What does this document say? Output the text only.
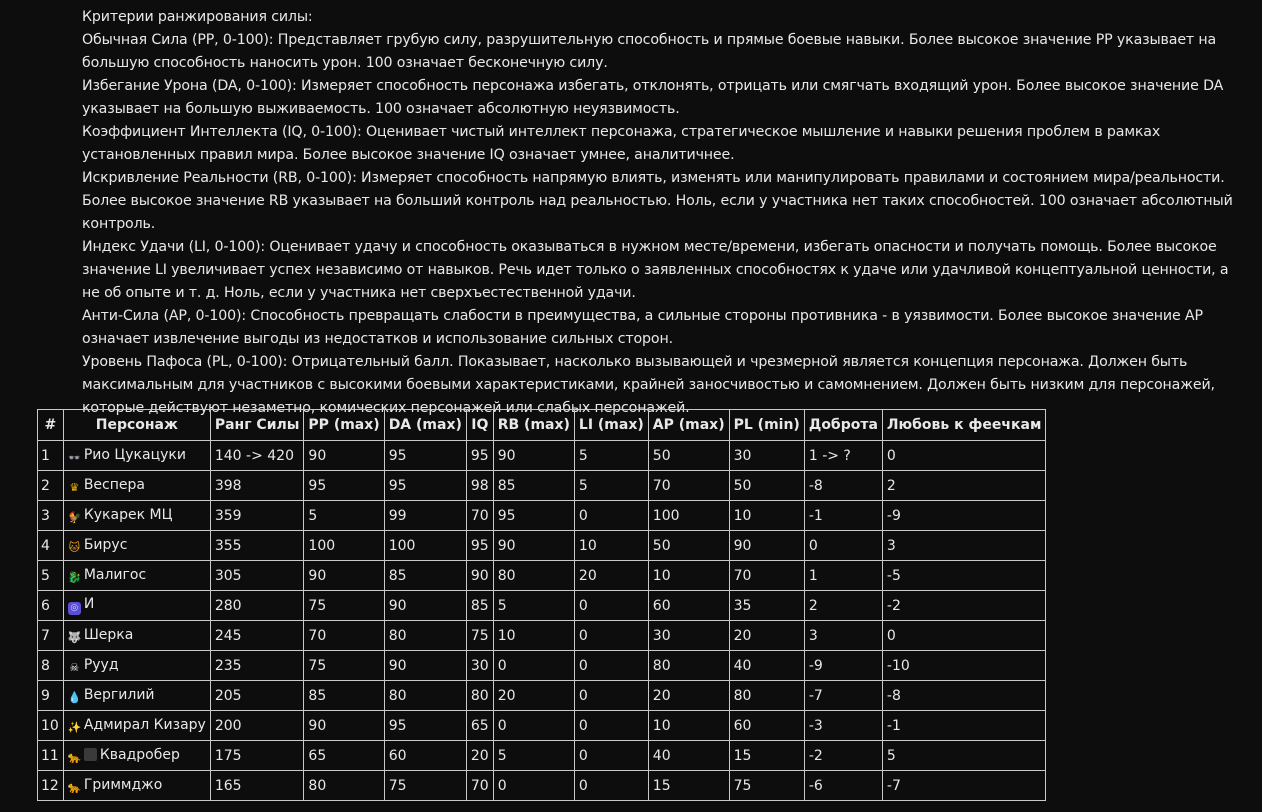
Критерии ранжирования силы:

Обычная Сила (PP, 0-100): Представляет грубую силу, разрушительную способность и прямые боевые навыки. Более высокое значение PP указывает на большую способность наносить урон. 100 означает бесконечную силу.

Избегание Урона (DA, 0-100): Измеряет способность персонажа избегать, отклонять, отрицать или смягчать входящий урон. Более высокое значение DA указывает на большую выживаемость. 100 означает абсолютную неуязвимость.

Коэффициент Интеллекта (IQ, 0-100): Оценивает чистый интеллект персонажа, стратегическое мышление и навыки решения проблем в рамках установленных правил мира. Более высокое значение IQ означает умнее, аналитичнее.

Искривление Реальности (RB, 0-100): Измеряет способность напрямую влиять, изменять или манипулировать правилами и состоянием мира/реальности. Более высокое значение RB указывает на больший контроль над реальностью. Ноль, если у участника нет таких способностей. 100 означает абсолютный контроль.

Индекс Удачи (LI, 0-100): Оценивает удачу и способность оказываться в нужном месте/времени, избегать опасности и получать помощь. Более высокое значение LI увеличивает успех независимо от навыков. Речь идет только о заявленных способностях к удаче или удачливой концептуальной ценности, а не об опыте и т. д. Ноль, если у участника нет сверхъестественной удачи.

Анти-Сила (AP, 0-100): Способность превращать слабости в преимущества, а сильные стороны противника - в уязвимости. Более высокое значение AP означает извлечение выгоды из недостатков и использование сильных сторон.

Уровень Пафоса (PL, 0-100): Отрицательный балл. Показывает, насколько вызывающей и чрезмерной является концепция персонажа. Должен быть максимальным для участников с высокими боевыми характеристиками, крайней заносчивостью и самомнением. Должен быть низким для персонажей, которые действуют незаметно, комических персонажей или слабых персонажей.

#	Персонаж	Ранг Силы	PP (max)	DA (max)	IQ	RB (max)	LI (max)	AP (max)	PL (min)	Доброта	Любовь к феечкам
1	👓 Рио Цукацуки	140 -> 420	90	95	95	90	5	50	30	1 -> ?	0
2	♛ Веспера	398	95	95	98	85	5	70	50	-8	2
3	🐓 Кукарек МЦ	359	5	99	70	95	0	100	10	-1	-9
4	🐱 Бирус	355	100	100	95	90	10	50	90	0	3
5	🐉 Малигос	305	90	85	90	80	20	10	70	1	-5
6	◎ И	280	75	90	85	5	0	60	35	2	-2
7	🐺 Шерка	245	70	80	75	10	0	30	20	3	0
8	☠ Рууд	235	75	90	30	0	0	80	40	-9	-10
9	💧 Вергилий	205	85	80	80	20	0	20	80	-7	-8
10	✨ Адмирал Кизару	200	90	95	65	0	0	10	60	-3	-1
11	🐆 Квадробер	175	65	60	20	5	0	40	15	-2	5
12	🐆 Гриммджо	165	80	75	70	0	0	15	75	-6	-7
